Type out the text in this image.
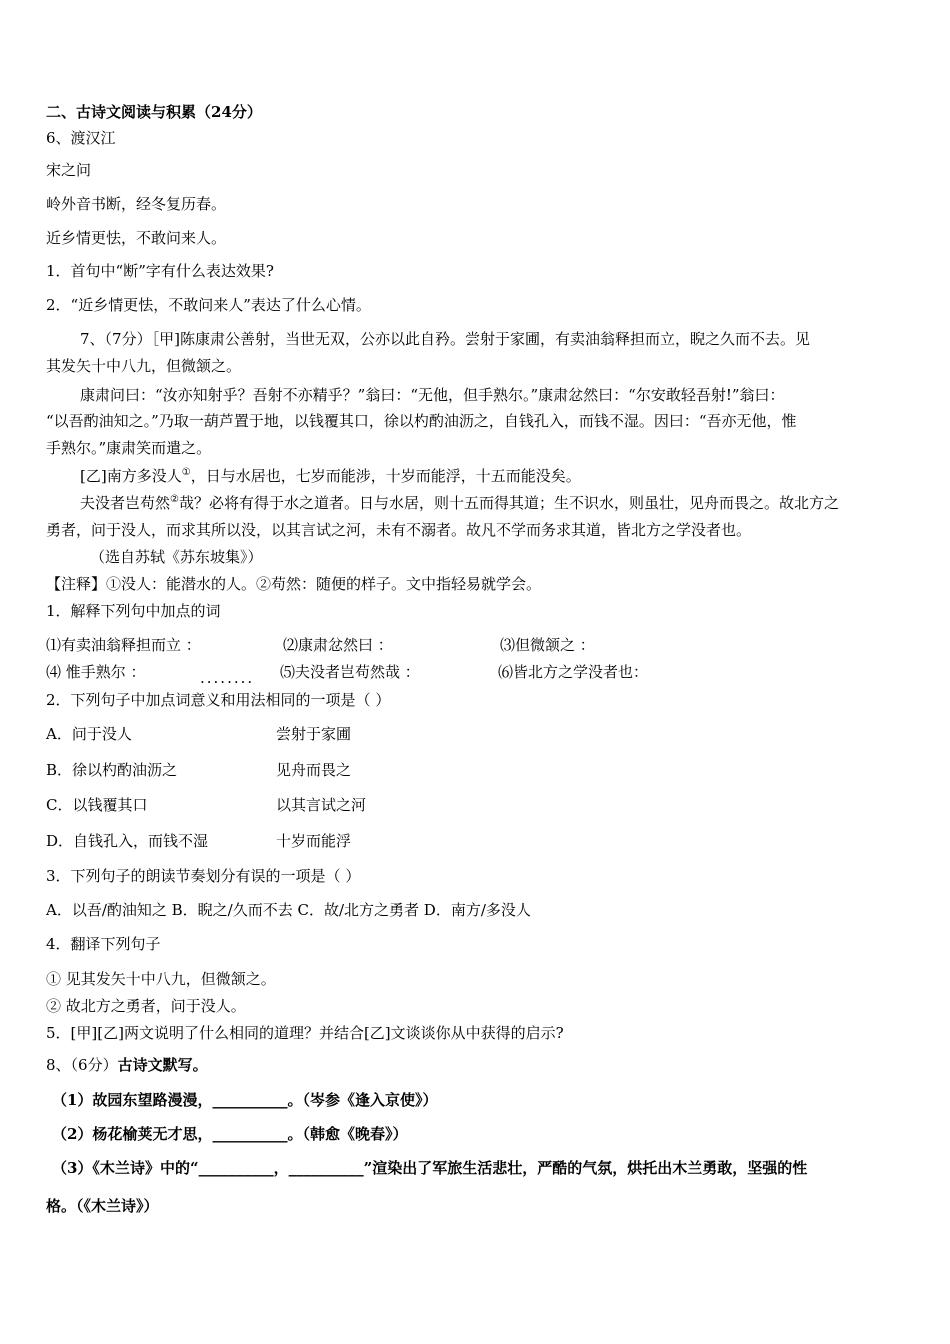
二、古诗文阅读与积累（24分）
6、渡汉江
宋之问
岭外音书断，经冬复历春。
近乡情更怯，不敢问来人。
1．首句中“断”字有什么表达效果?
2．“近乡情更怯，不敢问来人”表达了什么心情。
7、（7分）［甲]陈康肃公善射，当世无双，公亦以此自矜。尝射于家圃，有卖油翁释担而立，睨之久而不去。见
其发矢十中八九，但微颔之。
康肃问曰：“汝亦知射乎？吾射不亦精乎？”翁曰：“无他，但手熟尔。”康肃忿然曰：“尔安敢轻吾射!”翁曰：
“以吾酌油知之。”乃取一葫芦置于地，以钱覆其口，徐以杓酌油沥之，自钱孔入，而钱不湿。因曰：“吾亦无他，惟
手熟尔。”康肃笑而遣之。
[乙]南方多没人①，日与水居也，七岁而能涉，十岁而能浮，十五而能没矣。
夫没者岂苟然②哉？必将有得于水之道者。日与水居，则十五而得其道；生不识水，则虽壮，见舟而畏之。故北方之
勇者，问于没人，而求其所以没，以其言试之河，未有不溺者。故凡不学而务求其道，皆北方之学没者也。
（选自苏轼《苏东坡集》）
【注释】①没人：能潜水的人。②苟然：随便的样子。文中指轻易就学会。
1．解释下列句中加点的词
⑴有卖油翁释担而立 ：	⑵康肃忿然曰 ：	⑶但微颔之 ：
⑷ 惟手熟尔 ：	........ ⑸夫没者岂苟然哉 ：	⑹皆北方之学没者也：
2．下列句子中加点词意义和用法相同的一项是（ ）
A．问于没人	尝射于家圃
B．徐以杓酌油沥之	见舟而畏之
C．以钱覆其口	以其言试之河
D．自钱孔入，而钱不湿	十岁而能浮
3．下列句子的朗读节奏划分有误的一项是（ ）
A．以吾/酌油知之 B．睨之/久而不去 C．故/北方之勇者 D．南方/多没人
4．翻译下列句子
① 见其发矢十中八九，但微颔之。
② 故北方之勇者，问于没人。
5．[甲][乙]两文说明了什么相同的道理？并结合[乙]文谈谈你从中获得的启示?
8、（6分）古诗文默写。
（1）故园东望路漫漫，__________。（岑参《逢入京使》）
（2）杨花榆荚无才思，__________。（韩愈《晚春》）
（3）《木兰诗》中的“__________，__________”渲染出了军旅生活悲壮，严酷的气氛，烘托出木兰勇敢，坚强的性
格。（《木兰诗》）
